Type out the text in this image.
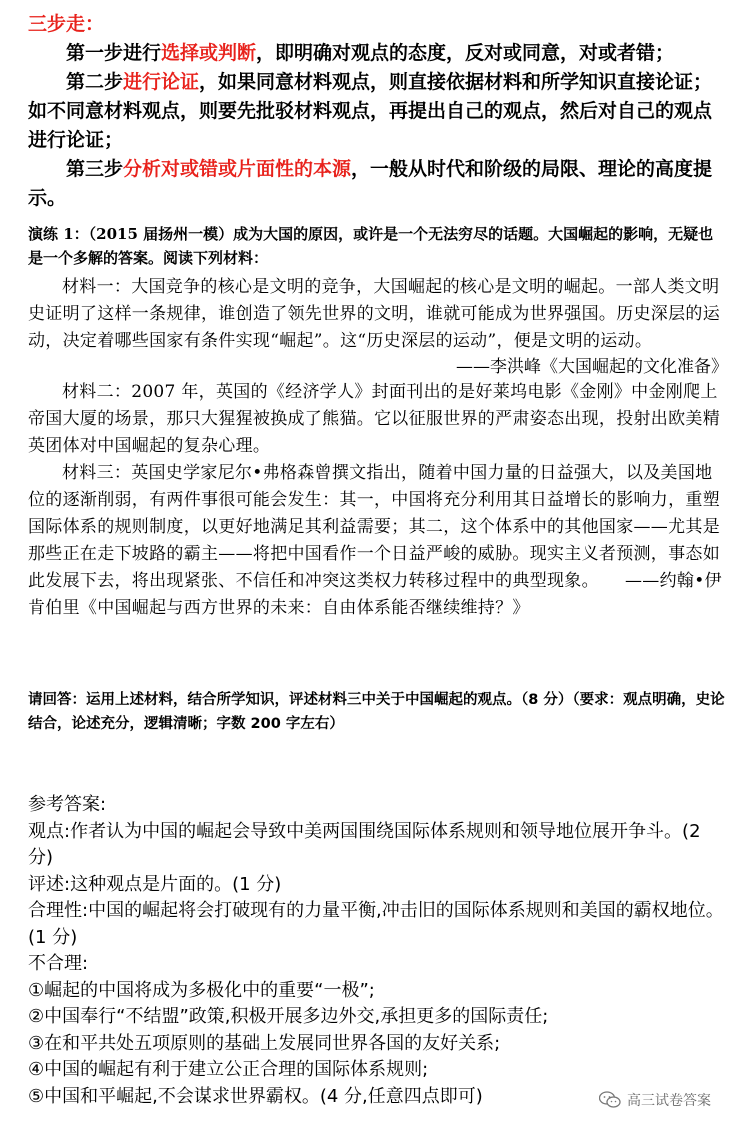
三步走：
第一步进行选择或判断，即明确对观点的态度，反对或同意，对或者错；
第二步进行论证，如果同意材料观点，则直接依据材料和所学知识直接论证；如不同意材料观点，则要先批驳材料观点，再提出自己的观点，然后对自己的观点进行论证；
第三步分析对或错或片面性的本源，一般从时代和阶级的局限、理论的高度提示。
演练 1：（2015 届扬州一模）成为大国的原因，或许是一个无法穷尽的话题。大国崛起的影响，无疑也是一个多解的答案。阅读下列材料：
材料一：大国竞争的核心是文明的竞争，大国崛起的核心是文明的崛起。一部人类文明史证明了这样一条规律，谁创造了领先世界的文明，谁就可能成为世界强国。历史深层的运动，决定着哪些国家有条件实现“崛起”。这“历史深层的运动”，便是文明的运动。
——李洪峰《大国崛起的文化准备》
材料二：2007 年，英国的《经济学人》封面刊出的是好莱坞电影《金刚》中金刚爬上帝国大厦的场景，那只大猩猩被换成了熊猫。它以征服世界的严肃姿态出现，投射出欧美精英团体对中国崛起的复杂心理。
材料三：英国史学家尼尔•弗格森曾撰文指出，随着中国力量的日益强大，以及美国地位的逐渐削弱，有两件事很可能会发生：其一，中国将充分利用其日益增长的影响力，重塑国际体系的规则制度，以更好地满足其利益需要；其二，这个体系中的其他国家——尤其是那些正在走下坡路的霸主——将把中国看作一个日益严峻的威胁。现实主义者预测，事态如此发展下去，将出现紧张、不信任和冲突这类权力转移过程中的典型现象。　　——约翰•伊肯伯里《中国崛起与西方世界的未来：自由体系能否继续维持？》
请回答：运用上述材料，结合所学知识，评述材料三中关于中国崛起的观点。（8 分）（要求：观点明确，史论结合，论述充分，逻辑清晰；字数 200 字左右）
参考答案:
观点:作者认为中国的崛起会导致中美两国围绕国际体系规则和领导地位展开争斗。(2 分)
评述:这种观点是片面的。(1 分)
合理性:中国的崛起将会打破现有的力量平衡,冲击旧的国际体系规则和美国的霸权地位。(1 分)
不合理:
①崛起的中国将成为多极化中的重要“一极”;
②中国奉行“不结盟”政策,积极开展多边外交,承担更多的国际责任;
③在和平共处五项原则的基础上发展同世界各国的友好关系;
④中国的崛起有利于建立公正合理的国际体系规则;
⑤中国和平崛起,不会谋求世界霸权。(4 分,任意四点即可)	高三试卷答案
